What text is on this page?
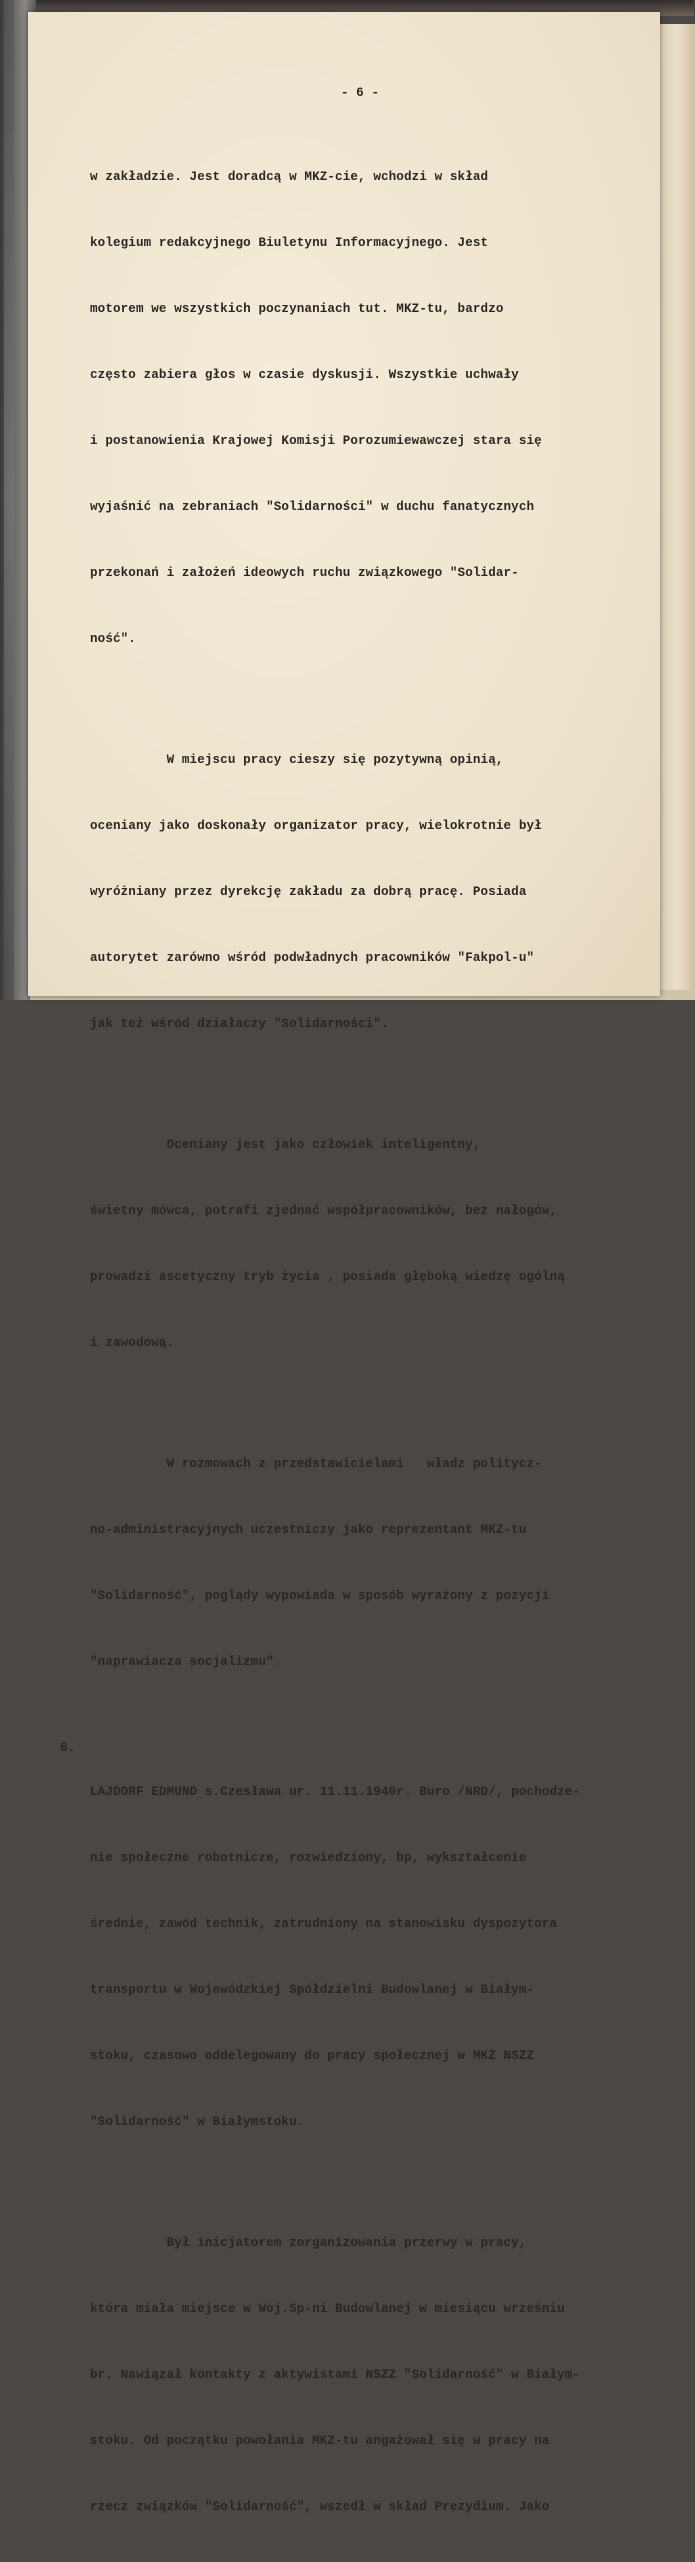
- 6 -

w zakładzie. Jest doradcą w MKZ-cie, wchodzi w skład

kolegium redakcyjnego Biuletynu Informacyjnego. Jest

motorem we wszystkich poczynaniach tut. MKZ-tu, bardzo

często zabiera głos w czasie dyskusji. Wszystkie uchwały

i postanowienia Krajowej Komisji Porozumiewawczej stara się

wyjaśnić na zebraniach "Solidarności" w duchu fanatycznych

przekonań i założeń ideowych ruchu związkowego "Solidar-

ność".

W miejscu pracy cieszy się pozytywną opinią,

oceniany jako doskonały organizator pracy, wielokrotnie był

wyróżniany przez dyrekcję zakładu za dobrą pracę. Posiada

autorytet zarówno wśród podwładnych pracowników "Fakpol-u"

jak też wśród działaczy "Solidarności".

Oceniany jest jako człowiek inteligentny,

świetny mówca, potrafi zjednać współpracowników, bez nałogów,

prowadzi ascetyczny tryb życia , posiada głęboką wiedzę ogólną

i zawodową.

W rozmowach z przedstawicielami   władz politycz-

no-administracyjnych uczestniczy jako reprezentant MKZ-tu

"Solidarność", poglądy wypowiada w sposób wyrażony z pozycji

"naprawiacza socjalizmu".

6.

LAJDORF EDMUND s.Czesława ur. 11.11.1940r. Buro /NRD/, pochodze-

nie społeczne robotnicze, rozwiedziony, bp, wykształcenie

średnie, zawód technik, zatrudniony na stanowisku dyspozytora

transportu w Wojewódzkiej Spółdzielni Budowlanej w Białym-

stoku, czasowo oddelegowany do pracy społecznej w MKZ NSZZ

"Solidarność" w Białymstoku.

Był inicjatorem zorganizowania przerwy w pracy,

która miała miejsce w Woj.Sp-ni Budowlanej w miesiącu wrześniu

br. Nawiązał kontakty z aktywistami NSZZ "Solidarność" w Białym-

stoku. Od początku powołania MKZ-tu angażował się w pracy na

rzecz związków "Solidarność", wszedł w skład Prezydium. Jako
